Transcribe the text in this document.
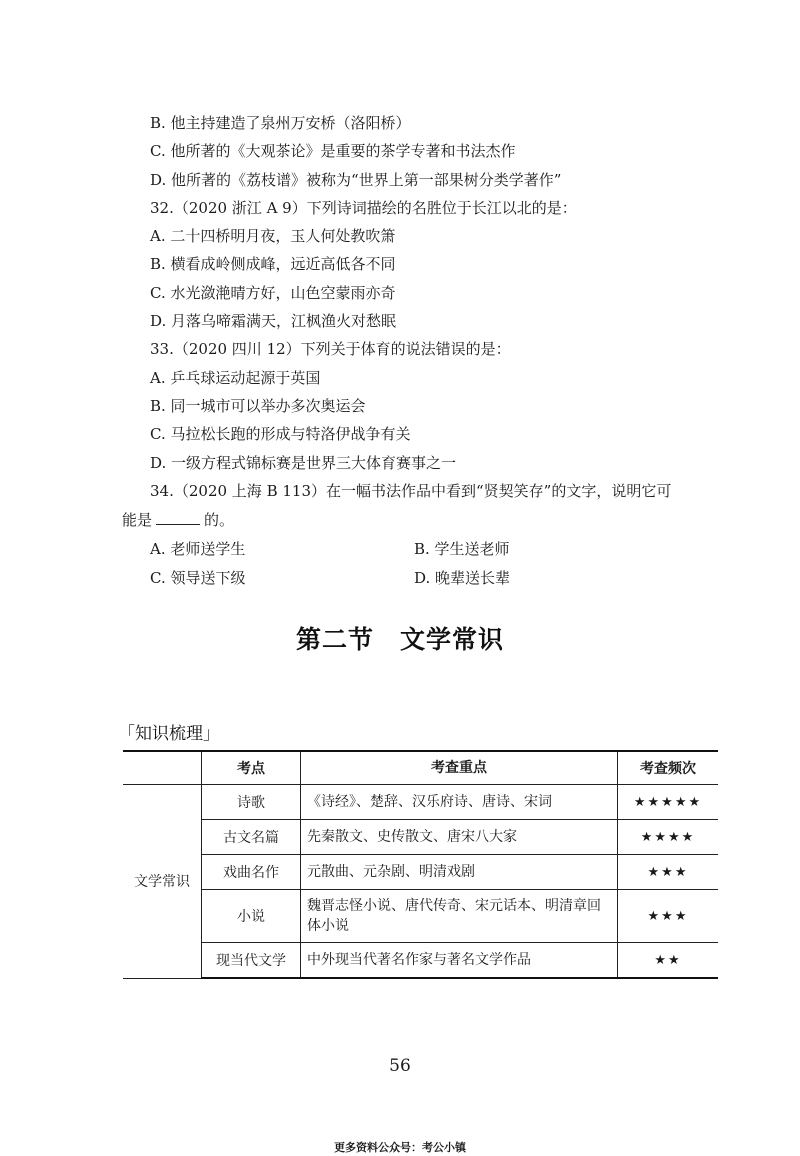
B. 他主持建造了泉州万安桥（洛阳桥）
C. 他所著的《大观茶论》是重要的茶学专著和书法杰作
D. 他所著的《荔枝谱》被称为“世界上第一部果树分类学著作”
32.（2020 浙江 A 9）下列诗词描绘的名胜位于长江以北的是：
A. 二十四桥明月夜，玉人何处教吹箫
B. 横看成岭侧成峰，远近高低各不同
C. 水光潋滟晴方好，山色空蒙雨亦奇
D. 月落乌啼霜满天，江枫渔火对愁眠
33.（2020 四川 12）下列关于体育的说法错误的是：
A. 乒乓球运动起源于英国
B. 同一城市可以举办多次奥运会
C. 马拉松长跑的形成与特洛伊战争有关
D. 一级方程式锦标赛是世界三大体育赛事之一
34.（2020 上海 B 113）在一幅书法作品中看到“贤契笑存”的文字，说明它可
能是	的。
A. 老师送学生	B. 学生送老师
C. 领导送下级	D. 晚辈送长辈
第二节 文学常识
「知识梳理」
	考点	考查重点	考查频次
文学常识	诗歌	《诗经》、楚辞、汉乐府诗、唐诗、宋词	★★★★★
	古文名篇	先秦散文、史传散文、唐宋八大家	★★★★
	戏曲名作	元散曲、元杂剧、明清戏剧	★★★
	小说	魏晋志怪小说、唐代传奇、宋元话本、明清章回体小说	★★★
	现当代文学	中外现当代著名作家与著名文学作品	★★
56
更多资料公众号：考公小镇
